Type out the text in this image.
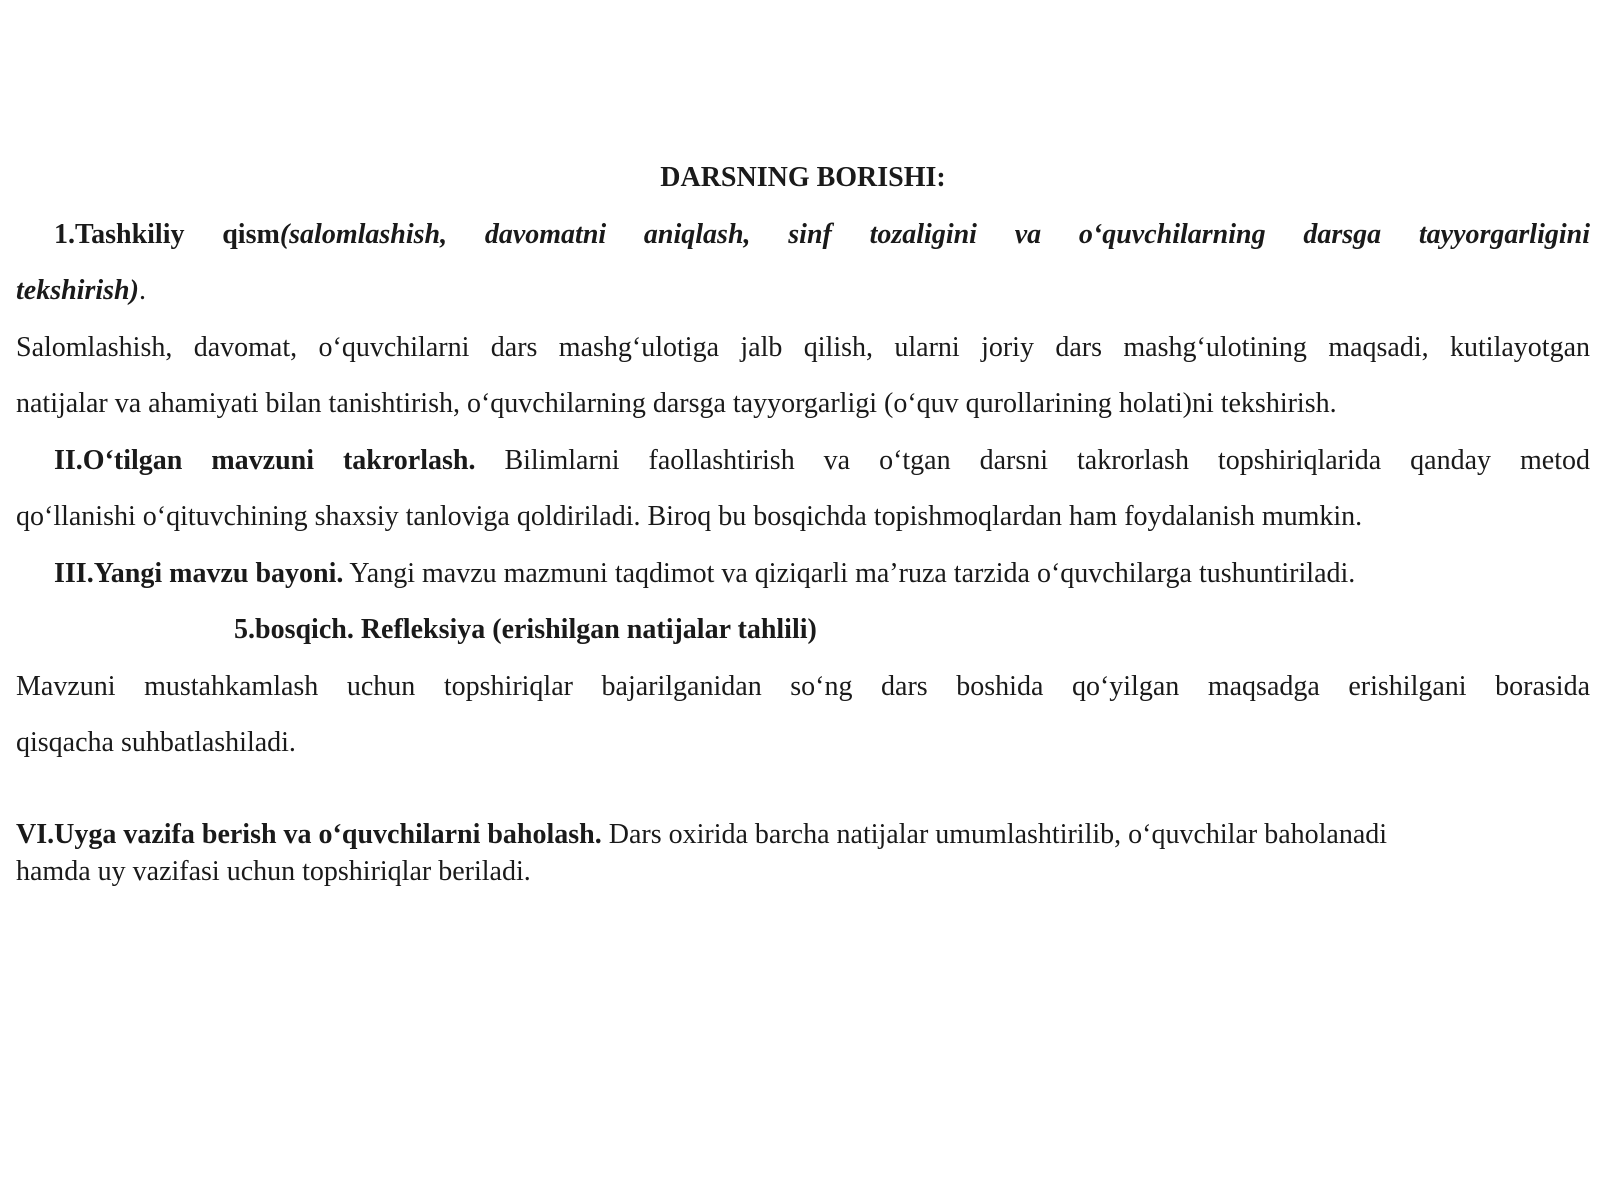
DARSNING BORISHI:
1.Tashkiliy qism(salomlashish, davomatni aniqlash, sinf tozaligini va o‘quvchilarning darsga tayyorgarligini
tekshirish).
Salomlashish, davomat, o‘quvchilarni dars mashg‘ulotiga jalb qilish, ularni joriy dars mashg‘ulotining maqsadi, kutilayotgan
natijalar va ahamiyati bilan tanishtirish, o‘quvchilarning darsga tayyorgarligi (o‘quv qurollarining holati)ni tekshirish.
II.O‘tilgan mavzuni takrorlash. Bilimlarni faollashtirish va o‘tgan darsni takrorlash topshiriqlarida qanday metod
qo‘llanishi o‘qituvchining shaxsiy tanloviga qoldiriladi. Biroq bu bosqichda topishmoqlardan ham foydalanish mumkin.
III.Yangi mavzu bayoni. Yangi mavzu mazmuni taqdimot va qiziqarli ma’ruza tarzida o‘quvchilarga tushuntiriladi.
5.bosqich. Refleksiya (erishilgan natijalar tahlili)
Mavzuni mustahkamlash uchun topshiriqlar bajarilganidan so‘ng dars boshida qo‘yilgan maqsadga erishilgani borasida
qisqacha suhbatlashiladi.
VI.Uyga vazifa berish va o‘quvchilarni baholash. Dars oxirida barcha natijalar umumlashtirilib, o‘quvchilar baholanadi
hamda uy vazifasi uchun topshiriqlar beriladi.
